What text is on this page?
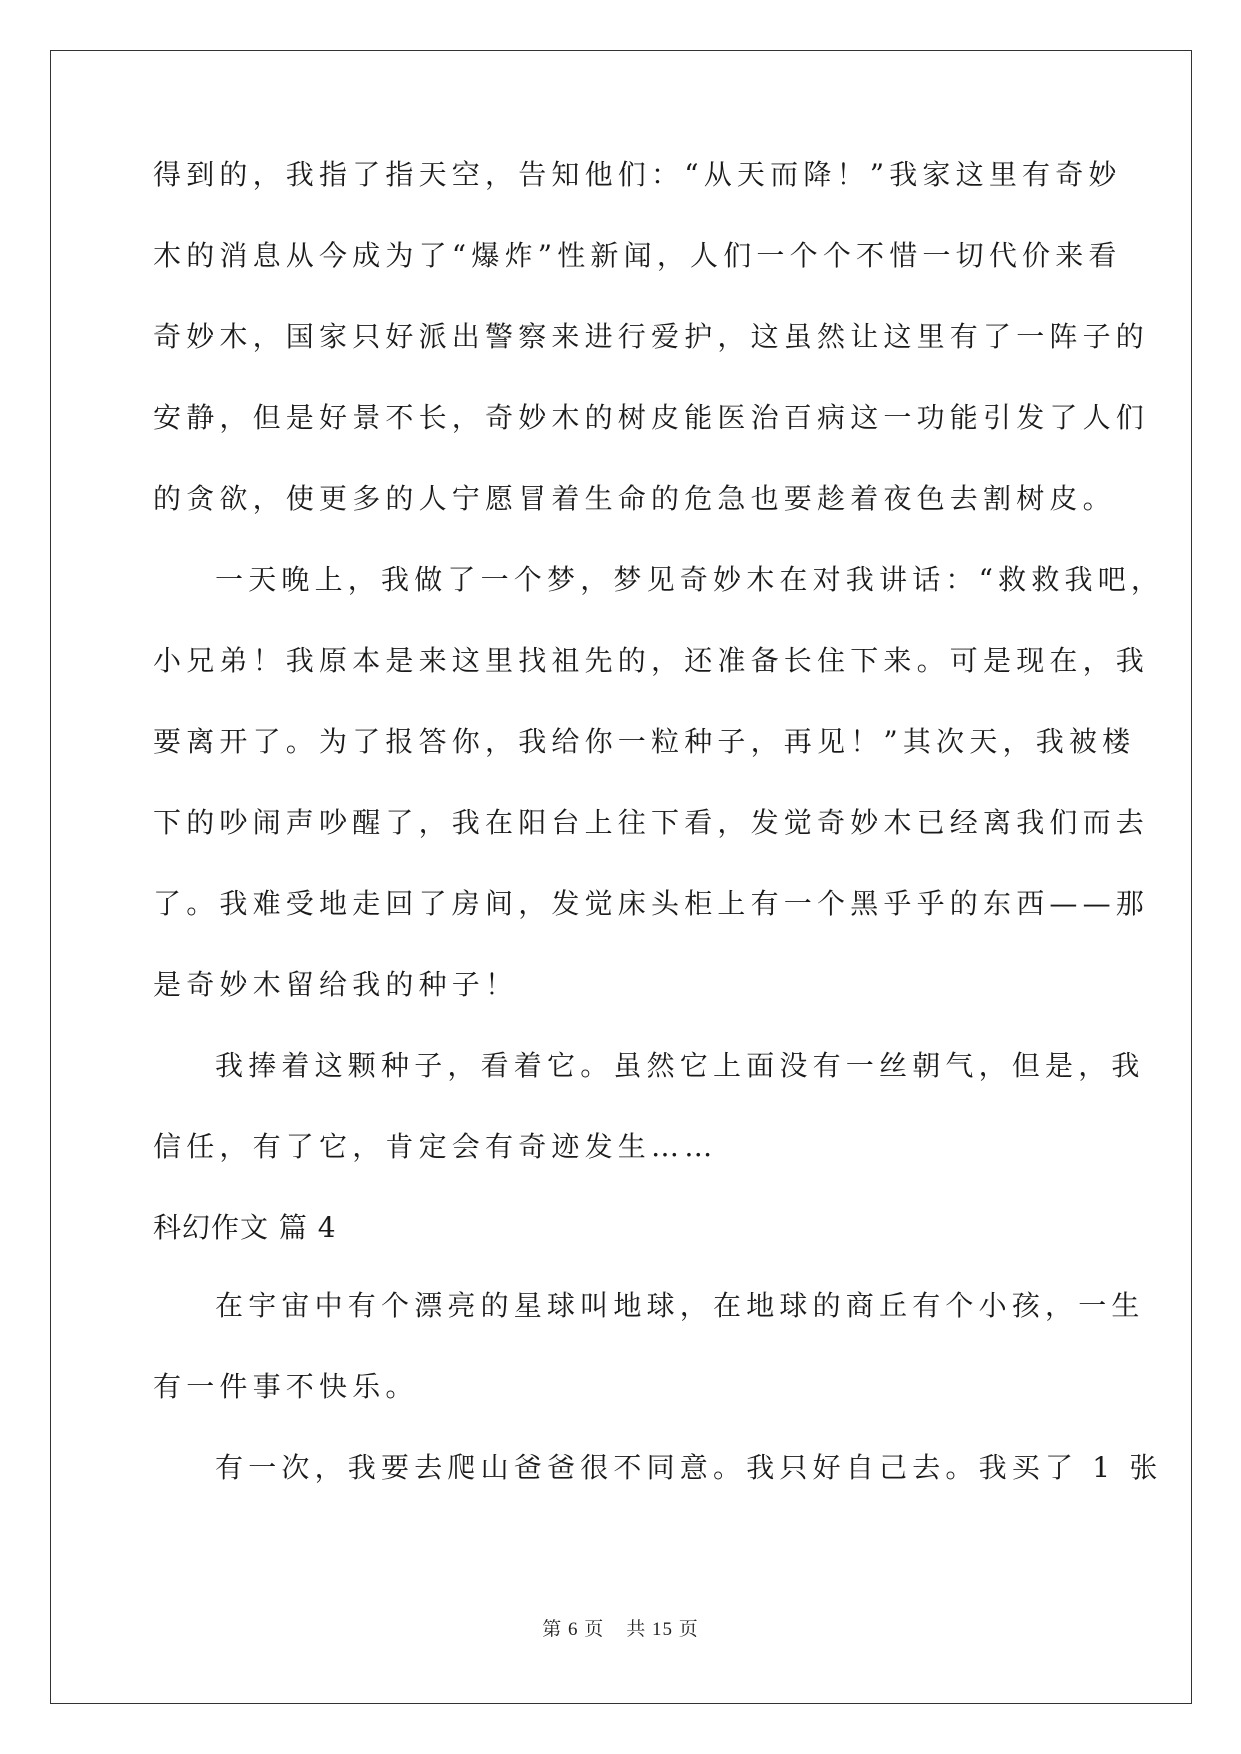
得到的，我指了指天空，告知他们：“从天而降！”我家这里有奇妙
木的消息从今成为了“爆炸”性新闻，人们一个个不惜一切代价来看
奇妙木，国家只好派出警察来进行爱护，这虽然让这里有了一阵子的
安静，但是好景不长，奇妙木的树皮能医治百病这一功能引发了人们
的贪欲，使更多的人宁愿冒着生命的危急也要趁着夜色去割树皮。
一天晚上，我做了一个梦，梦见奇妙木在对我讲话：“救救我吧，
小兄弟！我原本是来这里找祖先的，还准备长住下来。可是现在，我
要离开了。为了报答你，我给你一粒种子，再见！”其次天，我被楼
下的吵闹声吵醒了，我在阳台上往下看，发觉奇妙木已经离我们而去
了。我难受地走回了房间，发觉床头柜上有一个黑乎乎的东西——那
是奇妙木留给我的种子！
我捧着这颗种子，看着它。虽然它上面没有一丝朝气，但是，我
信任，有了它，肯定会有奇迹发生……
科幻作文 篇 4
在宇宙中有个漂亮的星球叫地球，在地球的商丘有个小孩，一生
有一件事不快乐。
有一次，我要去爬山爸爸很不同意。我只好自己去。我买了 1 张
第 6 页 共 15 页
